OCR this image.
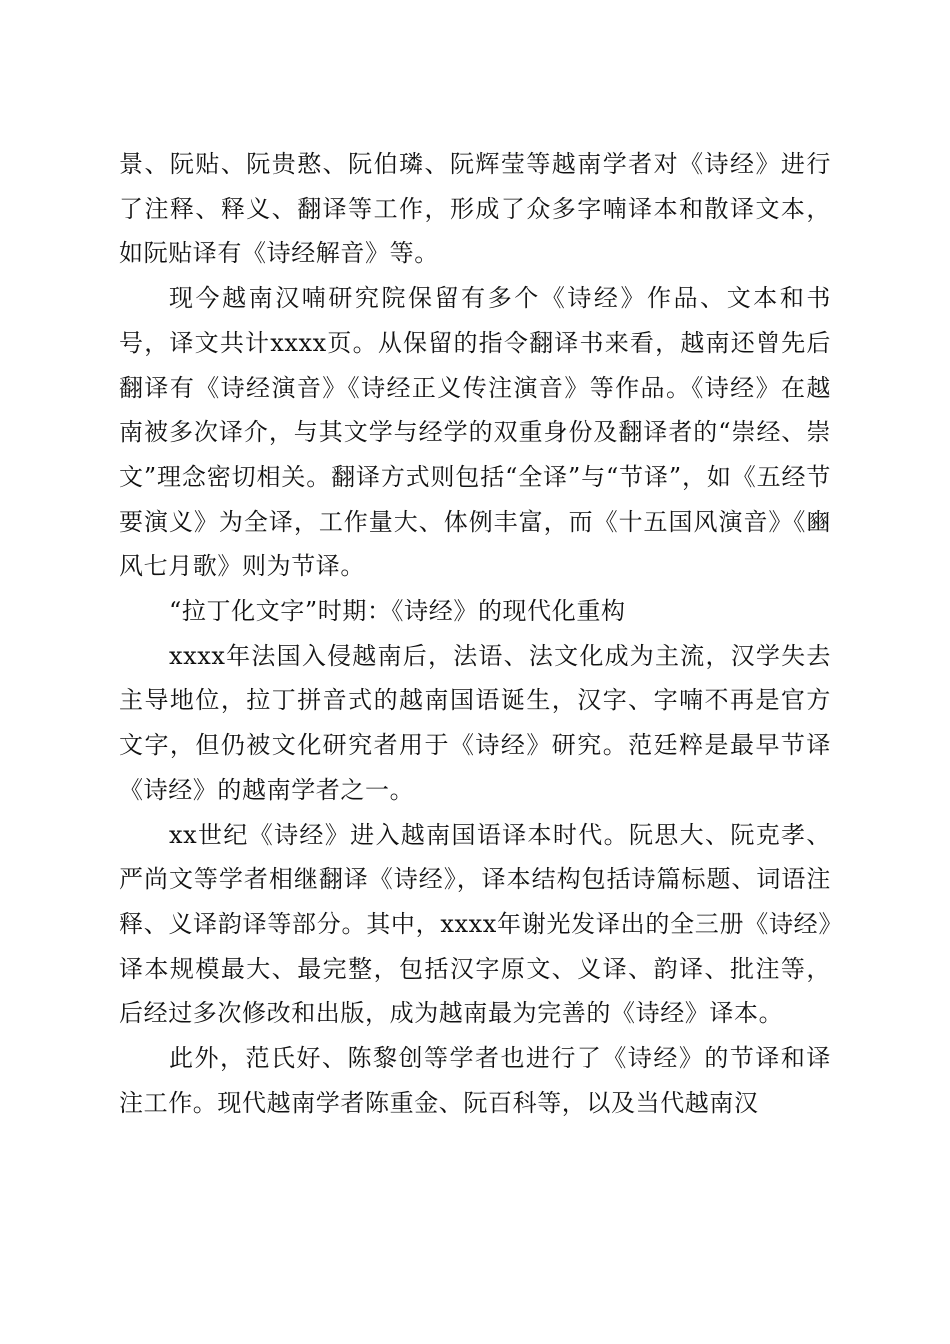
景、阮贴、阮贵憨、阮伯璘、阮辉莹等越南学者对《诗经》进行了注释、释义、翻译等工作，形成了众多字喃译本和散译文本，如阮贴译有《诗经解音》等。

现今越南汉喃研究院保留有多个《诗经》作品、文本和书号，译文共计xxxx页。从保留的指令翻译书来看，越南还曾先后翻译有《诗经演音》《诗经正义传注演音》等作品。《诗经》在越南被多次译介，与其文学与经学的双重身份及翻译者的“崇经、崇文”理念密切相关。翻译方式则包括“全译”与“节译”，如《五经节要演义》为全译，工作量大、体例丰富，而《十五国风演音》《豳风七月歌》则为节译。

“拉丁化文字”时期：《诗经》的现代化重构

xxxx年法国入侵越南后，法语、法文化成为主流，汉学失去主导地位，拉丁拼音式的越南国语诞生，汉字、字喃不再是官方文字，但仍被文化研究者用于《诗经》研究。范廷粹是最早节译《诗经》的越南学者之一。

xx世纪《诗经》进入越南国语译本时代。阮思大、阮克孝、严尚文等学者相继翻译《诗经》，译本结构包括诗篇标题、词语注释、义译韵译等部分。其中，xxxx年谢光发译出的全三册《诗经》译本规模最大、最完整，包括汉字原文、义译、韵译、批注等，后经过多次修改和出版，成为越南最为完善的《诗经》译本。

此外，范氏好、陈黎创等学者也进行了《诗经》的节译和译注工作。现代越南学者陈重金、阮百科等，以及当代越南汉
